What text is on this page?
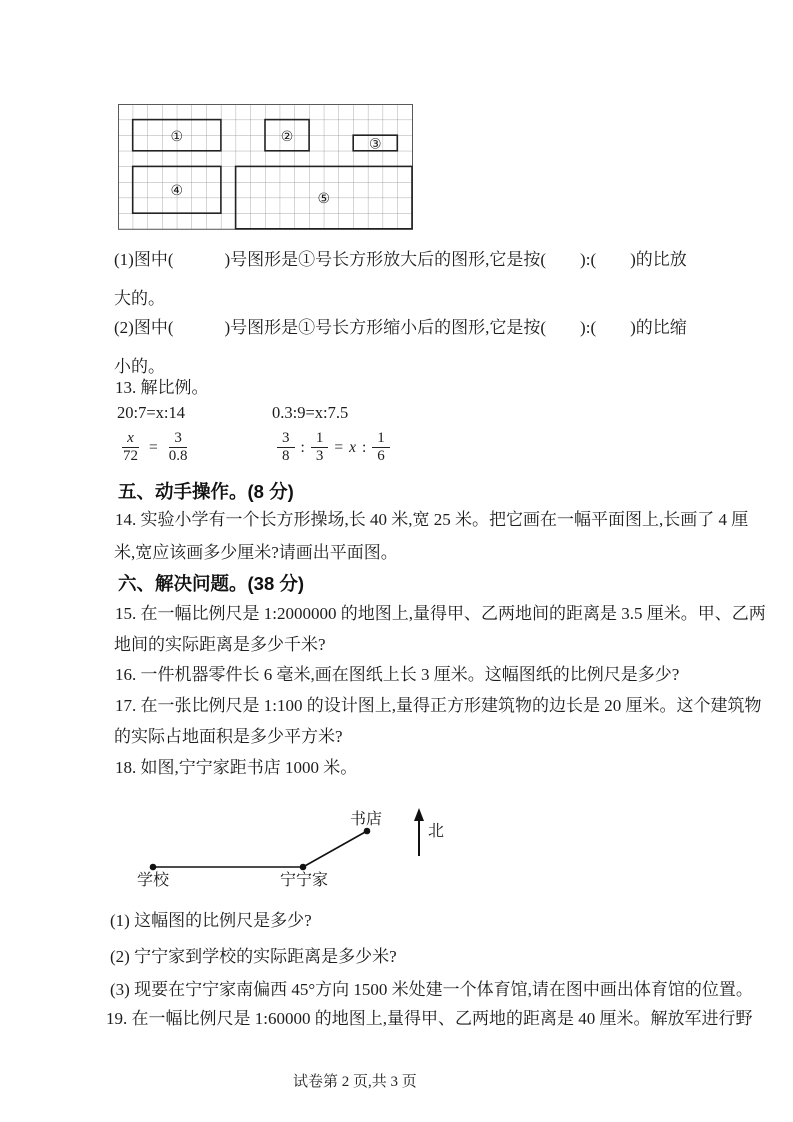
①	②	③
④	⑤
(1)图中(            )号图形是①号长方形放大后的图形,它是按(        ):(        )的比放
大的。
(2)图中(            )号图形是①号长方形缩小后的图形,它是按(        ):(        )的比缩
小的。
13. 解比例。
20:7=x:14	0.3:9=x:7.5
$\frac{x}{72} = \frac{3}{0.8}$	$\frac{3}{8}$ : $\frac{1}{3} = x$ : $\frac{1}{6}$
五、动手操作。(8 分)
14. 实验小学有一个长方形操场,长 40 米,宽 25 米。把它画在一幅平面图上,长画了 4 厘
米,宽应该画多少厘米?请画出平面图。
六、解决问题。(38 分)
15. 在一幅比例尺是 1:2000000 的地图上,量得甲、乙两地间的距离是 3.5 厘米。甲、乙两
地间的实际距离是多少千米?
16. 一件机器零件长 6 毫米,画在图纸上长 3 厘米。这幅图纸的比例尺是多少?
17. 在一张比例尺是 1:100 的设计图上,量得正方形建筑物的边长是 20 厘米。这个建筑物
的实际占地面积是多少平方米?
18. 如图,宁宁家距书店 1000 米。
书店
学校	宁宁家
北
(1) 这幅图的比例尺是多少?
(2) 宁宁家到学校的实际距离是多少米?
(3) 现要在宁宁家南偏西 45°方向 1500 米处建一个体育馆,请在图中画出体育馆的位置。
19. 在一幅比例尺是 1:60000 的地图上,量得甲、乙两地的距离是 40 厘米。解放军进行野
试卷第 2 页,共 3 页
